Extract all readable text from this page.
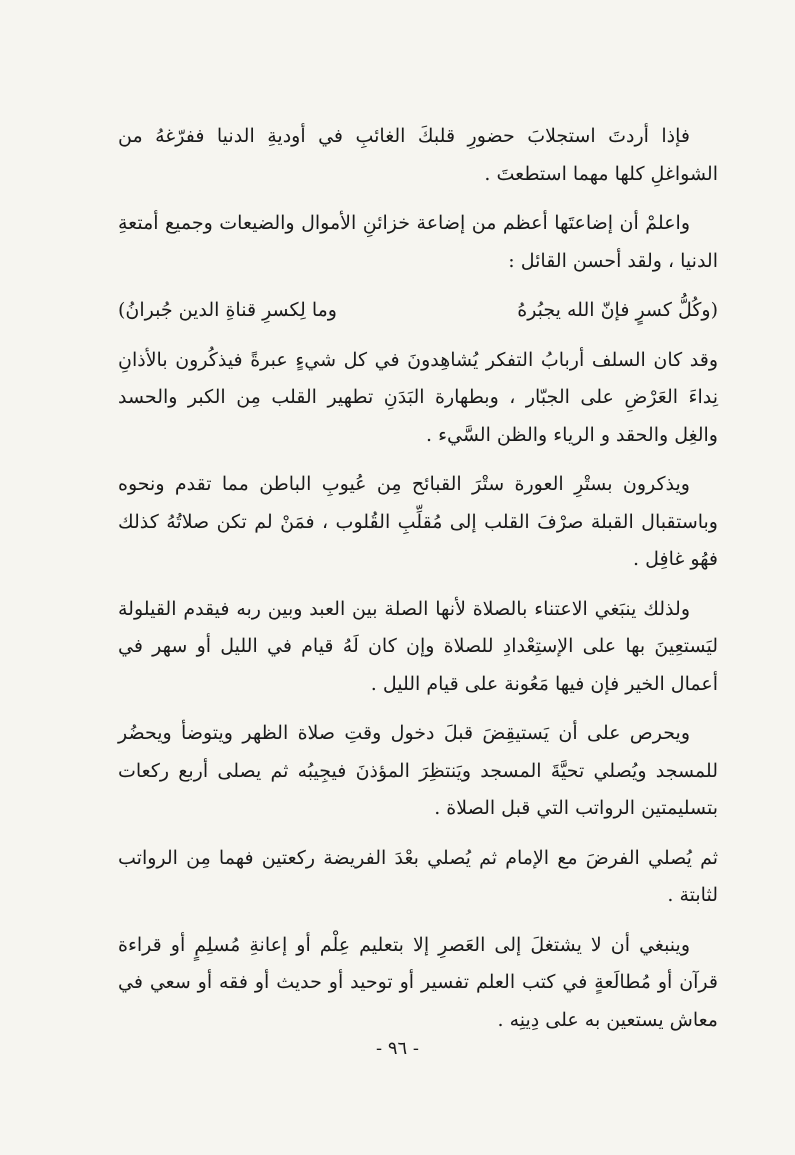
فإذا أردتَ استجلابَ حضورِ قلبكَ الغائبِ في أوديةِ الدنيا ففرّغهُ من الشواغلِ كلها مهما استطعتَ .

واعلمْ أن إضاعتَها أعظم من إضاعة خزائنِ الأموال والضيعات وجميع أمتعةِ الدنيا ، ولقد أحسن القائل :

(وكُلُّ كسرٍ فإنّ الله يجبُرهُ
وما لِكسرِ قناةِ الدين جُبرانُ)

وقد كان السلف أربابُ التفكر يُشاهِدونَ في كل شيءٍ عبرةً فيذكُرون بالأذانِ نِداءَ العَرْضِ على الجبّار ، وبطهارة البَدَنِ تطهير القلب مِن الكبر والحسد والغِل والحقد و الرياء والظن السَّيء .

ويذكرون بستْرِ العورة ستْرَ القبائح مِن عُيوبِ الباطن مما تقدم ونحوه وباستقبال القبلة صرْفَ القلب إلى مُقلِّبِ القُلوب ، فمَنْ لم تكن صلاتُهُ كذلك فهُو غافِل .

ولذلك ينبَغي الاعتناء بالصلاة لأنها الصلة بين العبد وبين ربه فيقدم القيلولة ليَستعِينَ بها على الإستِعْدادِ للصلاة وإن كان لَهُ قيام في الليل أو سهر في أعمال الخير فإن فيها مَعُونة على قيام الليل .

ويحرص على أن يَستيقِضَ قبلَ دخول وقتِ صلاة الظهر ويتوضأ ويحضُر للمسجد ويُصلي تحيَّةَ المسجد ويَنتظِرَ المؤذنَ فيجِيبُه ثم يصلى أربع ركعات بتسليمتين الرواتب التي قبل الصلاة .

ثم يُصلي الفرضَ مع الإمام ثم يُصلي بعْدَ الفريضة ركعتين فهما مِن الرواتب لثابتة .

وينبغي أن لا يشتغلَ إلى العَصرِ إلا بتعليم عِلْم أو إعانةِ مُسلِمٍ أو قراءة قرآن أو مُطالَعةٍ في كتب العلم تفسير أو توحيد أو حديث أو فقه أو سعي في معاش يستعين به على دِينِه .

- ٩٦ -
